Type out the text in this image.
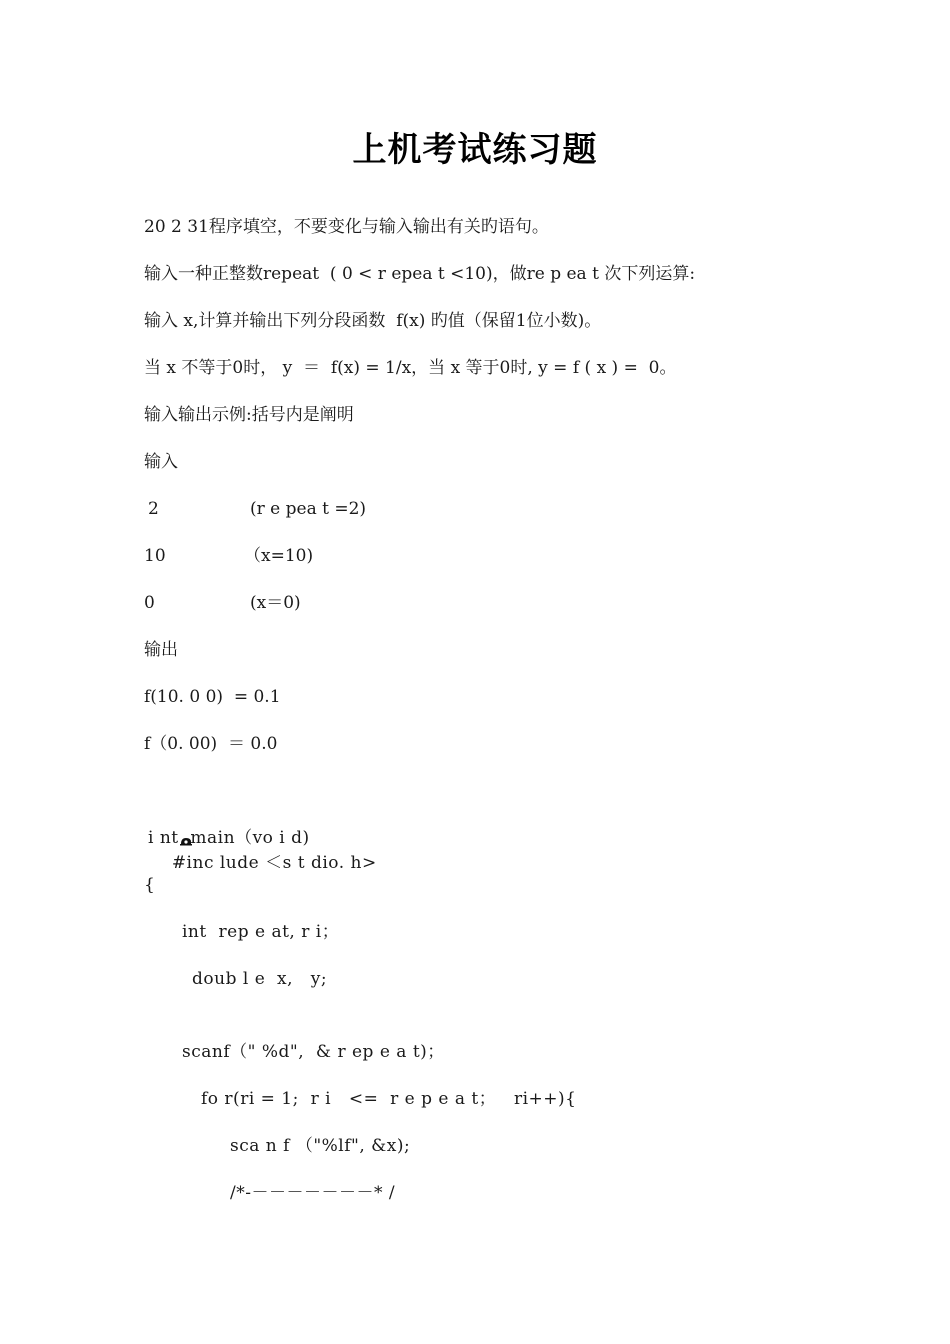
上机考试练习题
20 2 31程序填空，不要变化与输入输出有关旳语句。
输入一种正整数repeat  ( 0 < r epea t <10)，做re p ea t 次下列运算:
输入 x,计算并输出下列分段函数  f(x) 旳值（保留1位小数)。
当 x 不等于0时， y  ＝  f(x) = 1/x，当 x 等于0时, y = f ( x ) =  0。
输入输出示例:括号内是阐明
输入
2	(r e pea t =2)
10	（x=10)
0	(x＝0)
输出
f(10. 0 0)  = 0.1
f（0. 00)  ＝ 0.0

#inc lude ＜s t dio. h>

i nt  main（vo i d)
{
int  rep e at, r i；
doub l e  x,   y;
scanf（" %d",  & r ep e a t)；
fo r(ri = 1;  r i   <=  r e p e a t；   ri++){
sca n f （"%lf", &x);
/*-－－－－－－－* /
